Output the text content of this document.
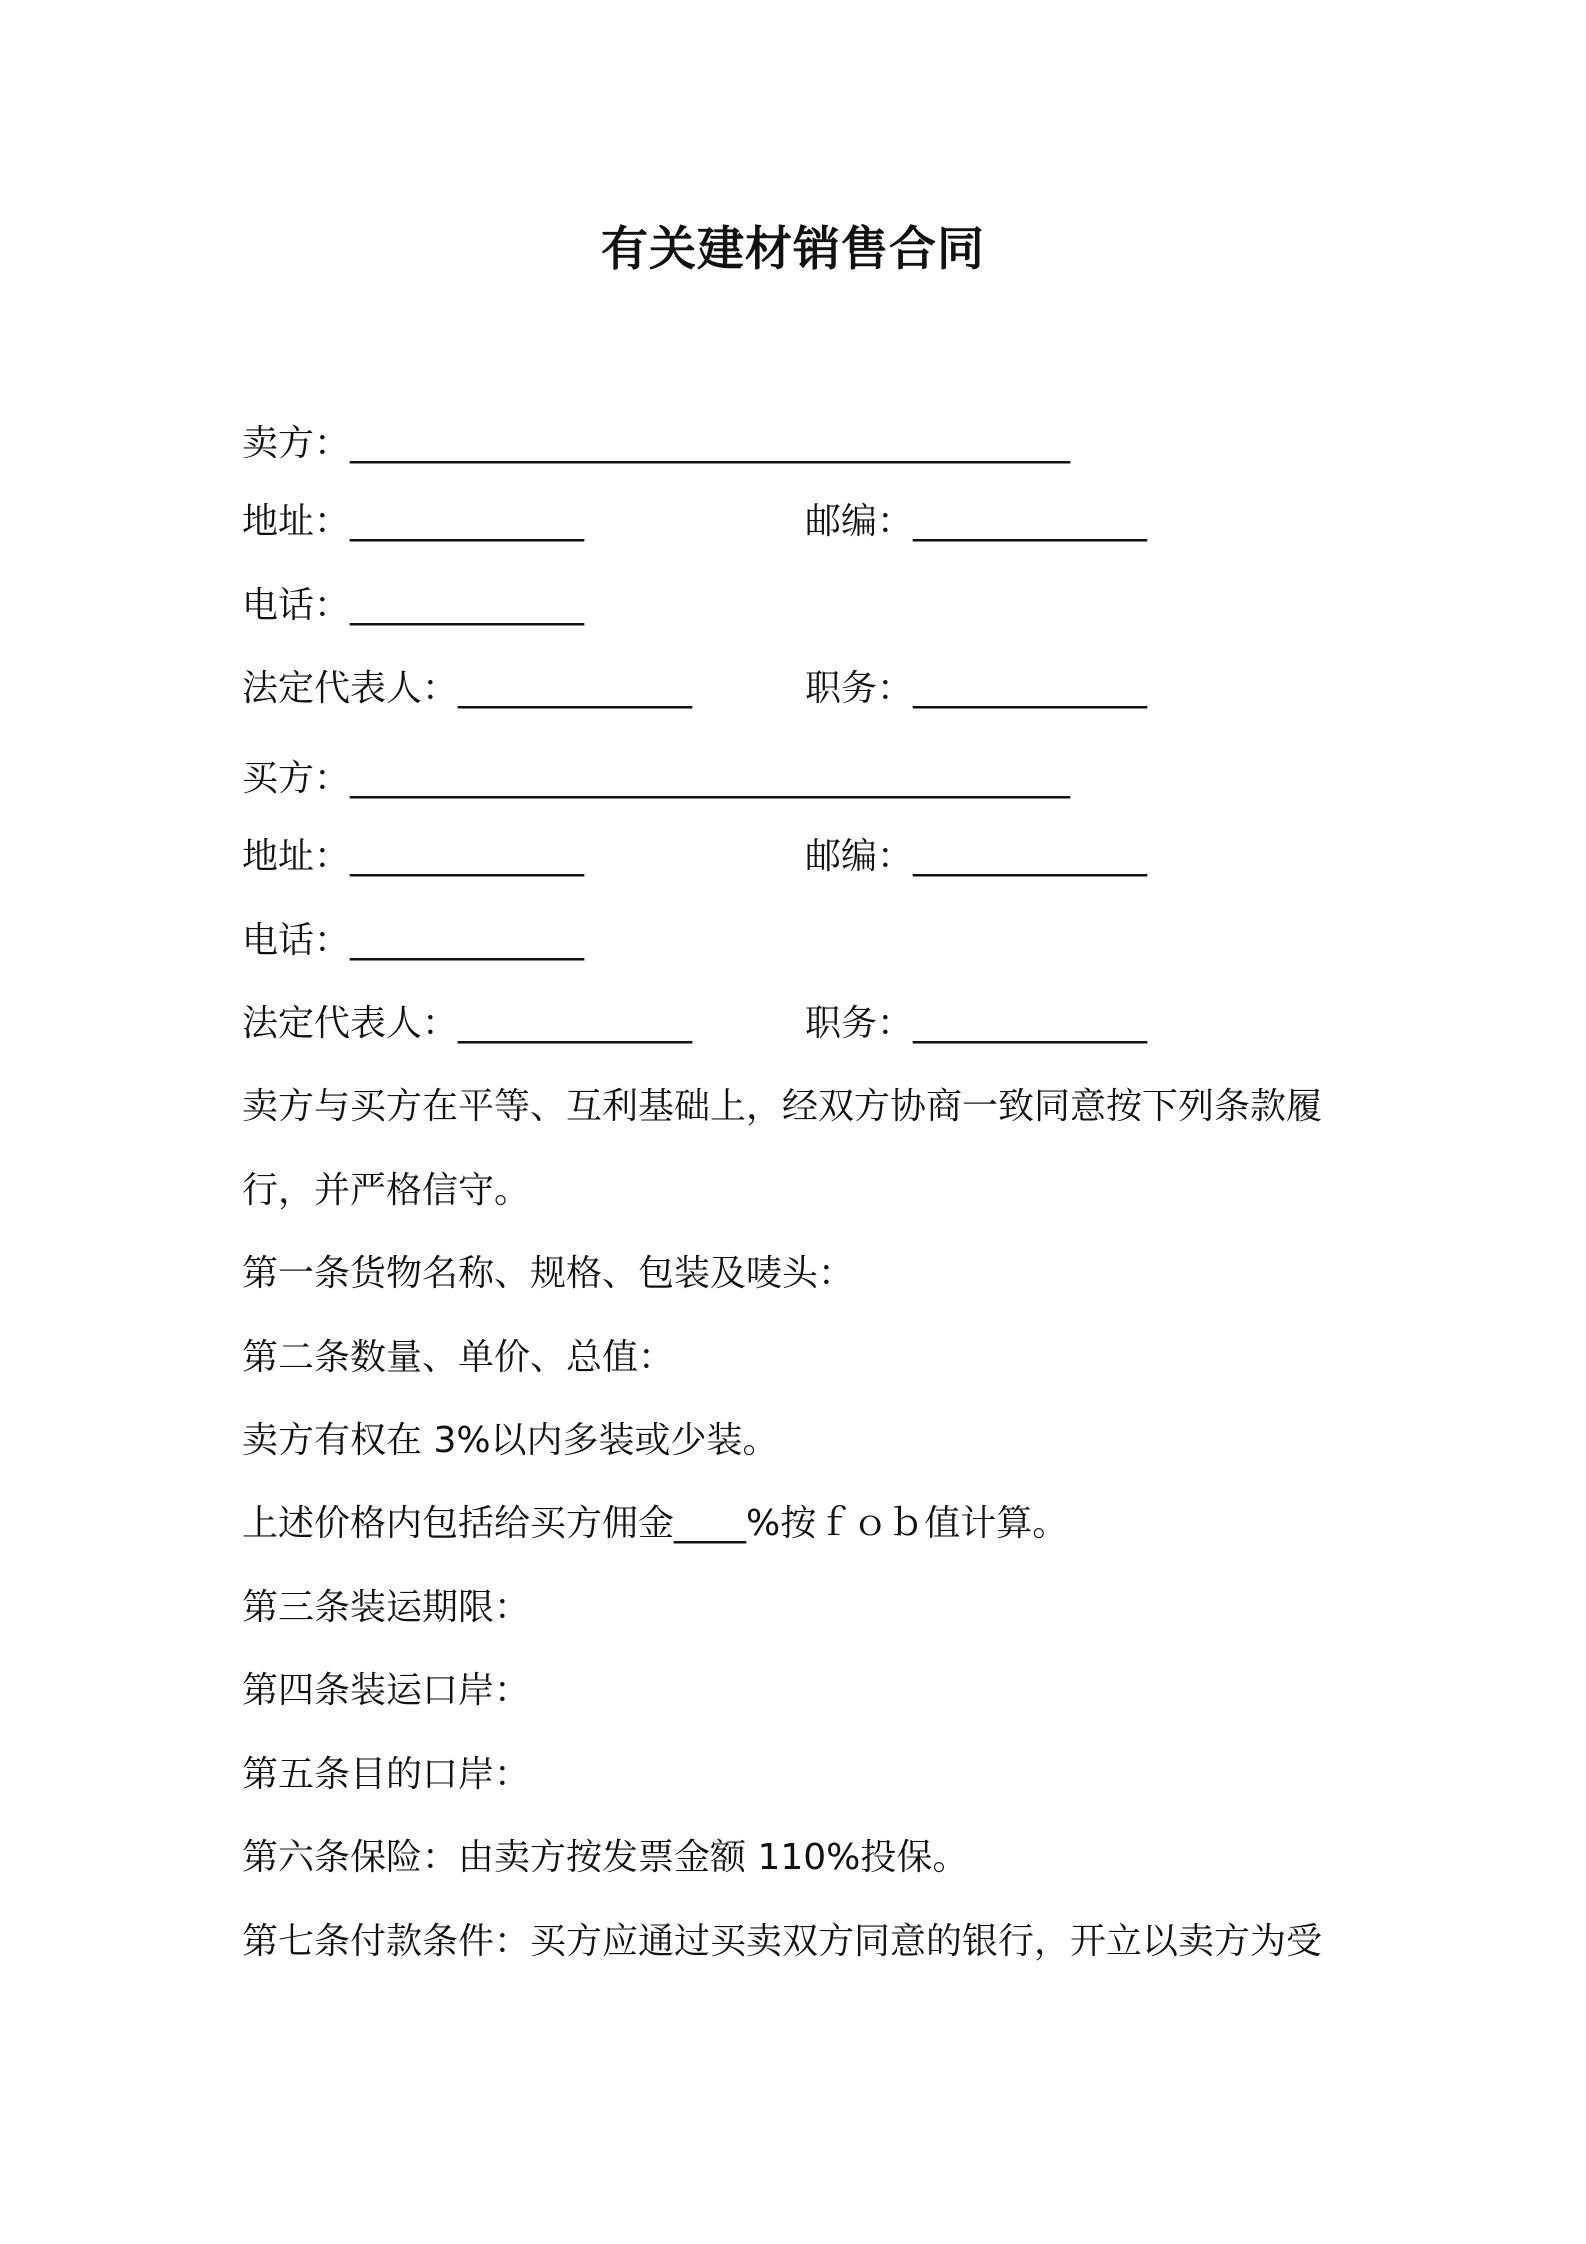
有关建材销售合同
卖方：________________________________________
地址：_____________	邮编：_____________
电话：_____________
法定代表人：_____________	职务：_____________
买方：________________________________________
地址：_____________	邮编：_____________
电话：_____________
法定代表人：_____________	职务：_____________
卖方与买方在平等、互利基础上，经双方协商一致同意按下列条款履
行，并严格信守。
第一条货物名称、规格、包装及唛头：
第二条数量、单价、总值：
卖方有权在 3%以内多装或少装。
上述价格内包括给买方佣金____%按ｆｏｂ值计算。
第三条装运期限：
第四条装运口岸：
第五条目的口岸：
第六条保险：由卖方按发票金额 110%投保。
第七条付款条件：买方应通过买卖双方同意的银行，开立以卖方为受
